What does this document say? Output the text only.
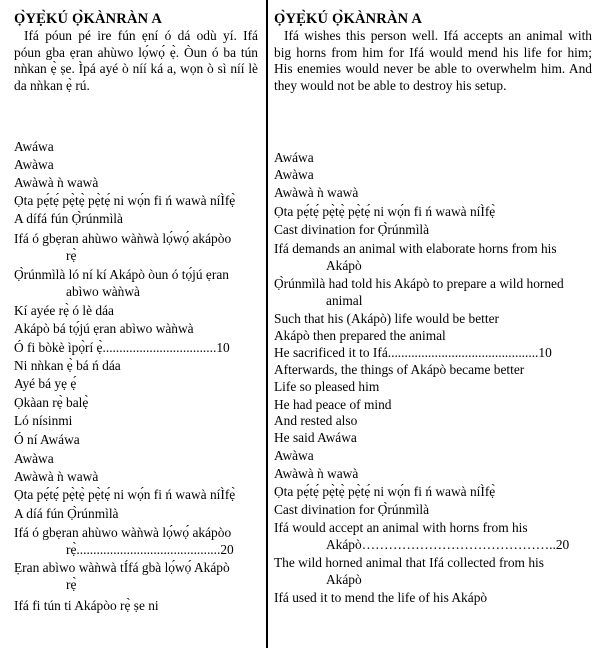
Ọ̀YẸ̀KÚ Ọ̀KÀNRÀN A

Ifá póun pé ire fún ẹní ó dá odù yí. Ifá póun gba ẹran ahùwo lọ́wọ́ ẹ̀. Òun ó ba tún nǹkan ẹ̀ ṣe. Ìpá ayé ò níí ká a, wọn ò sì níí lè da nǹkan ẹ̀ rú.

Awáwa
Awàwa
Awàwà ǹ wawà
Ọta pẹ́tẹ́ pẹ̀tẹ̀ pẹ̀tẹ́ ni wọ́n fi ń wawà níÌfẹ̀
A dífá fún Ọ̀rúnmìlà
Ifá ó gbẹran ahùwo wàǹwà lọ́wọ́ akápòo
rẹ̀
Ọ̀rúnmìlà ló ní kí Akápò òun ó tọ́jú ẹran
abìwo wàǹwà
Kí ayée rẹ̀ ó lè dáa
Akápò bá tọ́jú ẹran abìwo wàǹwà
Ó fi bòkè ìpọ̀rí ẹ̀..................................10
Ni nǹkan ẹ̀ bá ń dáa
Ayé bá yẹ ẹ́
Ọkàan rẹ̀ balẹ̀
Ló nísinmi
Ó ní Awáwa
Awàwa
Awàwà ǹ wawà
Ọta pẹ́tẹ́ pẹ̀tẹ̀ pẹ̀tẹ́ ni wọ́n fi ń wawà níÌfẹ̀
A díá fún Ọ̀rúnmìlà
Ifá ó gbẹran ahùwo wàǹwà lọ́wọ́ akápòo
rẹ̀...........................................20
Ẹran abìwo wàǹwà tÍfá gbà lọ́wọ́ Akápò
rẹ̀
Ifá fi tún ti Akápòo rẹ̀ ṣe ni
Ọ̀YẸ̀KÚ Ọ̀KÀNRÀN A

Ifá wishes this person well. Ifá accepts an animal with big horns from him for Ifá would mend his life for him; His enemies would never be able to overwhelm him. And they would not be able to destroy his setup.

Awáwa
Awàwa
Awàwà ǹ wawà
Ọta pẹ́tẹ́ pẹ̀tẹ̀ pẹ̀tẹ́ ni wọ́n fi ń wawà níÌfẹ̀
Cast divination for Ọ̀rúnmìlà
Ifá demands an animal with elaborate horns from his
Akápò
Ọ̀rúnmìlà had told his Akápò to prepare a wild horned
animal
Such that his (Akápò) life would be better
Akápò then prepared the animal
He sacrificed it to Ifá.............................................10
Afterwards, the things of Akápò became better
Life so pleased him
He had peace of mind
And rested also
He said Awáwa
Awàwa
Awàwà ǹ wawà
Ọta pẹ́tẹ́ pẹ̀tẹ̀ pẹ̀tẹ́ ni wọ́n fi ń wawà níÌfẹ̀
Cast divination for Ọ̀rúnmìlà
Ifá would accept an animal with horns from his
Akápò……………………………………..20
The wild horned animal that Ifá collected from his
Akápò
Ifá used it to mend the life of his Akápò
